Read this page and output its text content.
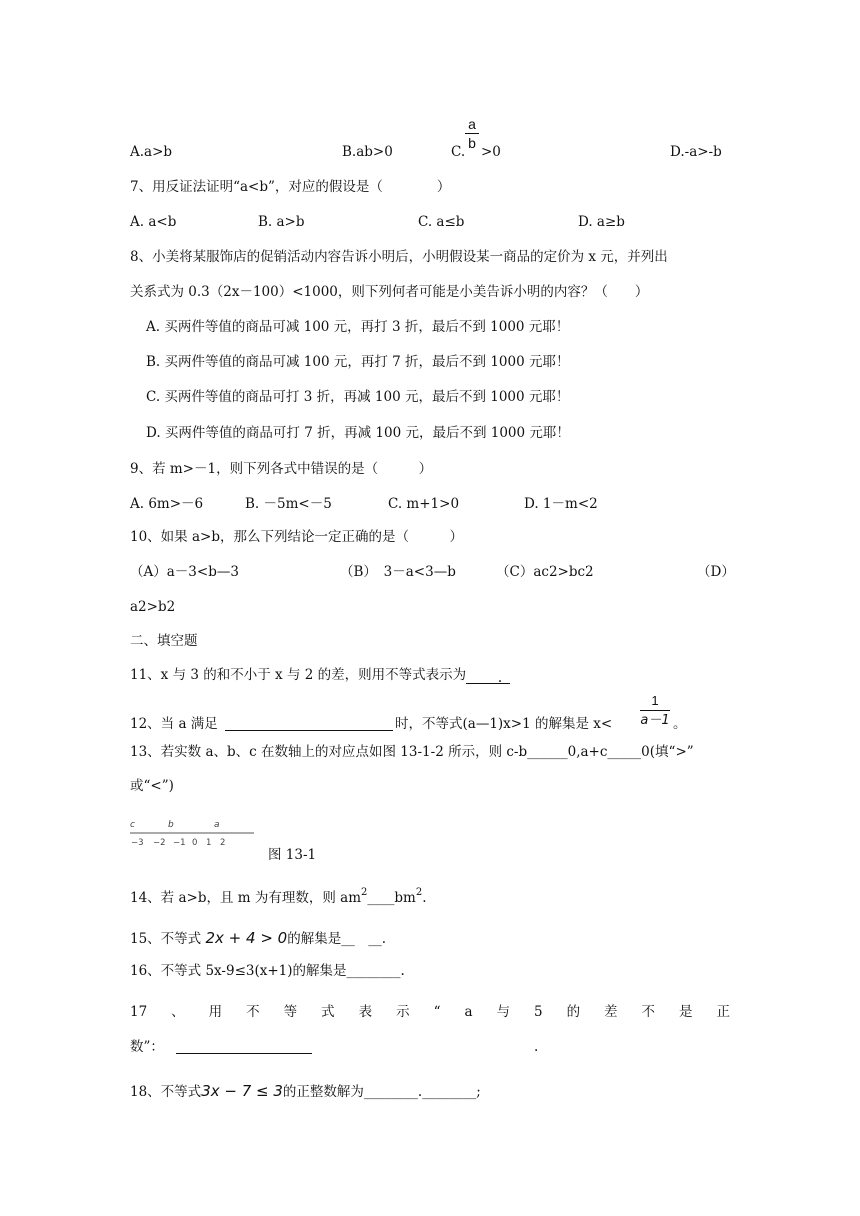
A.a>b	B.ab>0	C.
a
b
>0	D.-a>-b
7、用反证法证明“a<b”，对应的假设是（　　　　）
A. a<b	B. a>b	C. a≤b	D. a≥b
8、小美将某服饰店的促销活动内容告诉小明后，小明假设某一商品的定价为 x 元，并列出
关系式为 0.3（2x－100）<1000，则下列何者可能是小美告诉小明的内容？（　　）
A. 买两件等值的商品可减 100 元，再打 3 折，最后不到 1000 元耶！
B. 买两件等值的商品可减 100 元，再打 7 折，最后不到 1000 元耶！
C. 买两件等值的商品可打 3 折，再减 100 元，最后不到 1000 元耶！
D. 买两件等值的商品可打 7 折，再减 100 元，最后不到 1000 元耶！
9、若 m>－1，则下列各式中错误的是（　　　）
A. 6m>－6	B. －5m<－5	C. m+1>0	D. 1－m<2
10、如果 a>b，那么下列结论一定正确的是（　　　）
（A）a－3<b—3	（B）　3－a<3—b	（C）ac2>bc2	（D）
a2>b2
二、填空题
11、x 与 3 的和不小于 x 与 2 的差，则用不等式表示为 .
12、当 a 满足	时，不等式(a—1)x>1 的解集是 x<
1
a－1 。
13、若实数 a、b、c 在数轴上的对应点如图 13-1-2 所示，则 c-b______0,a+c_____0(填“>”
或“<”)
c	b	a
−3 −2 −1 0 1 2
图 13-1
14、若 a>b，且 m 为有理数，则 $am^2\_\_\_\_bm^2$.
15、不等式 2x + 4 > 0的解集是__　__.
16、不等式 5x-9≤3(x+1)的解集是________.
17 、 用 不 等 式 表 示 “ a 与 5 的 差 不 是 正
数”：	.
18、不等式3x − 7 ≤ 3的正整数解为________.________;
